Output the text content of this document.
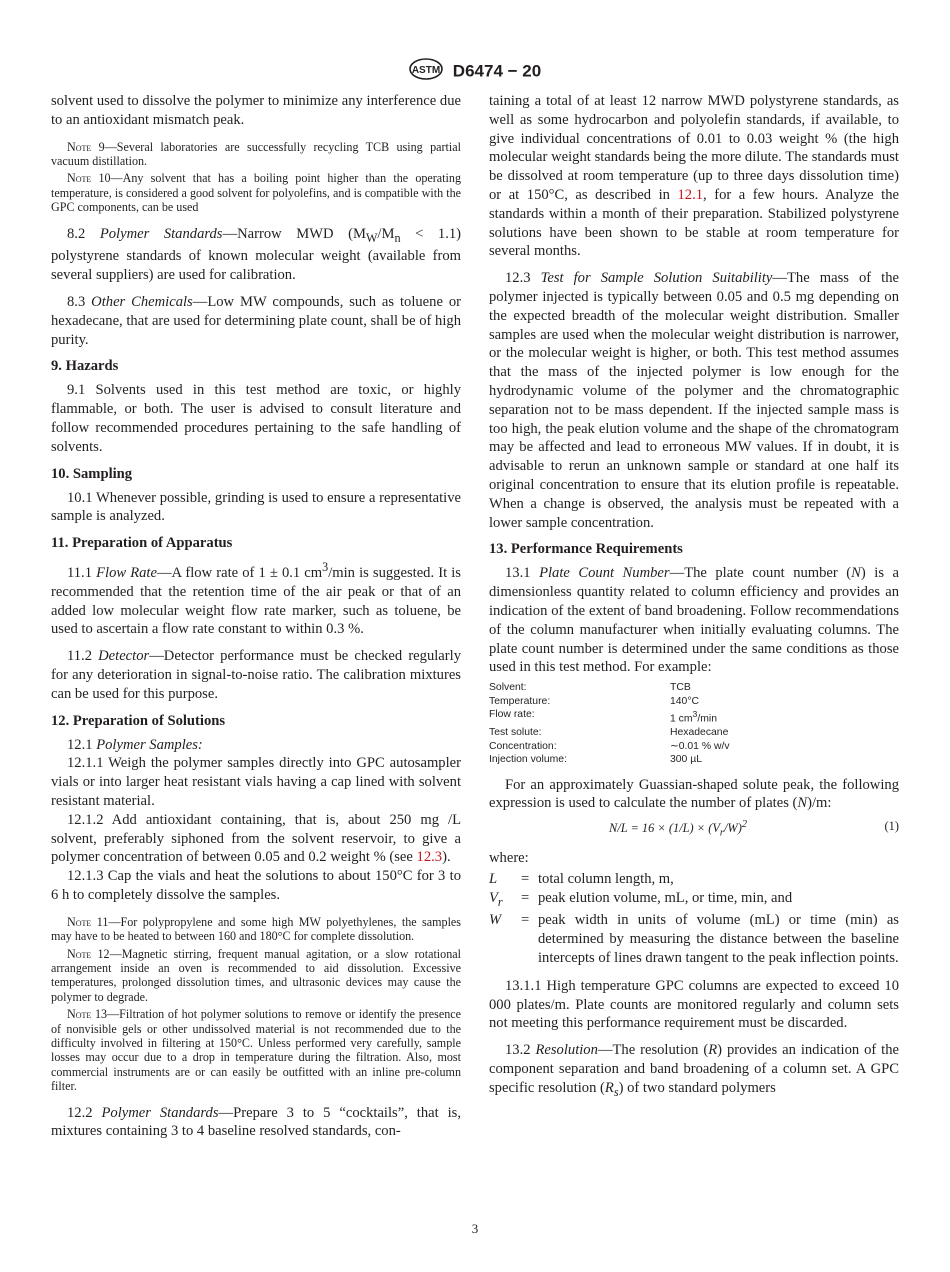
ASTM D6474 − 20

solvent used to dissolve the polymer to minimize any interference due to an antioxidant mismatch peak.

Note 9—Several laboratories are successfully recycling TCB using partial vacuum distillation.
Note 10—Any solvent that has a boiling point higher than the operating temperature, is considered a good solvent for polyolefins, and is compatible with the GPC components, can be used

8.2 Polymer Standards—Narrow MWD $(M_W/M_n < 1.1)$ polystyrene standards of known molecular weight (available from several suppliers) are used for calibration.

8.3 Other Chemicals—Low MW compounds, such as toluene or hexadecane, that are used for determining plate count, shall be of high purity.

9. Hazards

9.1 Solvents used in this test method are toxic, or highly flammable, or both. The user is advised to consult literature and follow recommended procedures pertaining to the safe handling of solvents.

10. Sampling

10.1 Whenever possible, grinding is used to ensure a representative sample is analyzed.

11. Preparation of Apparatus

11.1 Flow Rate—A flow rate of 1 ± 0.1 $cm^3/\min$ is suggested. It is recommended that the retention time of the air peak or that of an added low molecular weight flow rate marker, such as toluene, be used to ascertain a flow rate constant to within 0.3 %.

11.2 Detector—Detector performance must be checked regularly for any deterioration in signal-to-noise ratio. The calibration mixtures can be used for this purpose.

12. Preparation of Solutions

12.1 Polymer Samples:

12.1.1 Weigh the polymer samples directly into GPC autosampler vials or into larger heat resistant vials having a cap lined with solvent resistant material.

12.1.2 Add antioxidant containing, that is, about 250 mg /L solvent, preferably siphoned from the solvent reservoir, to give a polymer concentration of between 0.05 and 0.2 weight % (see 12.3).

12.1.3 Cap the vials and heat the solutions to about 150°C for 3 to 6 h to completely dissolve the samples.

Note 11—For polypropylene and some high MW polyethylenes, the samples may have to be heated to between 160 and 180°C for complete dissolution.
Note 12—Magnetic stirring, frequent manual agitation, or a slow rotational arrangement inside an oven is recommended to aid dissolution. Excessive temperatures, prolonged dissolution times, and ultrasonic devices may cause the polymer to degrade.
Note 13—Filtration of hot polymer solutions to remove or identify the presence of nonvisible gels or other undissolved material is not recommended due to the difficulty involved in filtering at 150°C. Unless performed very carefully, sample losses may occur due to a drop in temperature during the filtration. Also, most commercial instruments are or can easily be outfitted with an inline pre-column filter.

12.2 Polymer Standards—Prepare 3 to 5 “cocktails”, that is, mixtures containing 3 to 4 baseline resolved standards, con-

taining a total of at least 12 narrow MWD polystyrene standards, as well as some hydrocarbon and polyolefin standards, if available, to give individual concentrations of 0.01 to 0.03 weight % (the high molecular weight standards being the more dilute. The standards must be dissolved at room temperature (up to three days dissolution time) or at 150°C, as described in 12.1, for a few hours. Analyze the standards within a month of their preparation. Stabilized polystyrene solutions have been shown to be stable at room temperature for several months.

12.3 Test for Sample Solution Suitability—The mass of the polymer injected is typically between 0.05 and 0.5 mg depending on the expected breadth of the molecular weight distribution. Smaller samples are used when the molecular weight distribution is narrower, or the molecular weight is higher, or both. This test method assumes that the mass of the injected polymer is low enough for the hydrodynamic volume of the polymer and the chromatographic separation not to be mass dependent. If the injected sample mass is too high, the peak elution volume and the shape of the chromatogram may be affected and lead to erroneous MW values. If in doubt, it is advisable to rerun an unknown sample or standard at one half its original concentration to ensure that its elution profile is repeatable. When a change is observed, the analysis must be repeated with a lower sample concentration.

13. Performance Requirements

13.1 Plate Count Number—The plate count number (N) is a dimensionless quantity related to column efficiency and provides an indication of the extent of band broadening. Follow recommendations of the column manufacturer when initially evaluating columns. The plate count number is determined under the same conditions as those used in this test method. For example:

Solvent:	TCB
Temperature:	140°C
Flow rate:	1 $cm^3/\min$
Test solute:	Hexadecane
Concentration:	∼0.01 % w/v
Injection volume:	300 µL

For an approximately Guassian-shaped solute peak, the following expression is used to calculate the number of plates (N)/m:

$N/L = 16 \times (1/L) \times (V_r/W)^2$	(1)

where:

L	= total column length, m,
$V_r$	= peak elution volume, mL, or time, min, and
W	= peak width in units of volume (mL) or time (min) as determined by measuring the distance between the baseline intercepts of lines drawn tangent to the peak inflection points.

13.1.1 High temperature GPC columns are expected to exceed 10 000 plates/m. Plate counts are monitored regularly and column sets not meeting this performance requirement must be discarded.

13.2 Resolution—The resolution (R) provides an indication of the component separation and band broadening of a column set. A GPC specific resolution $(R_s)$ of two standard polymers

3
